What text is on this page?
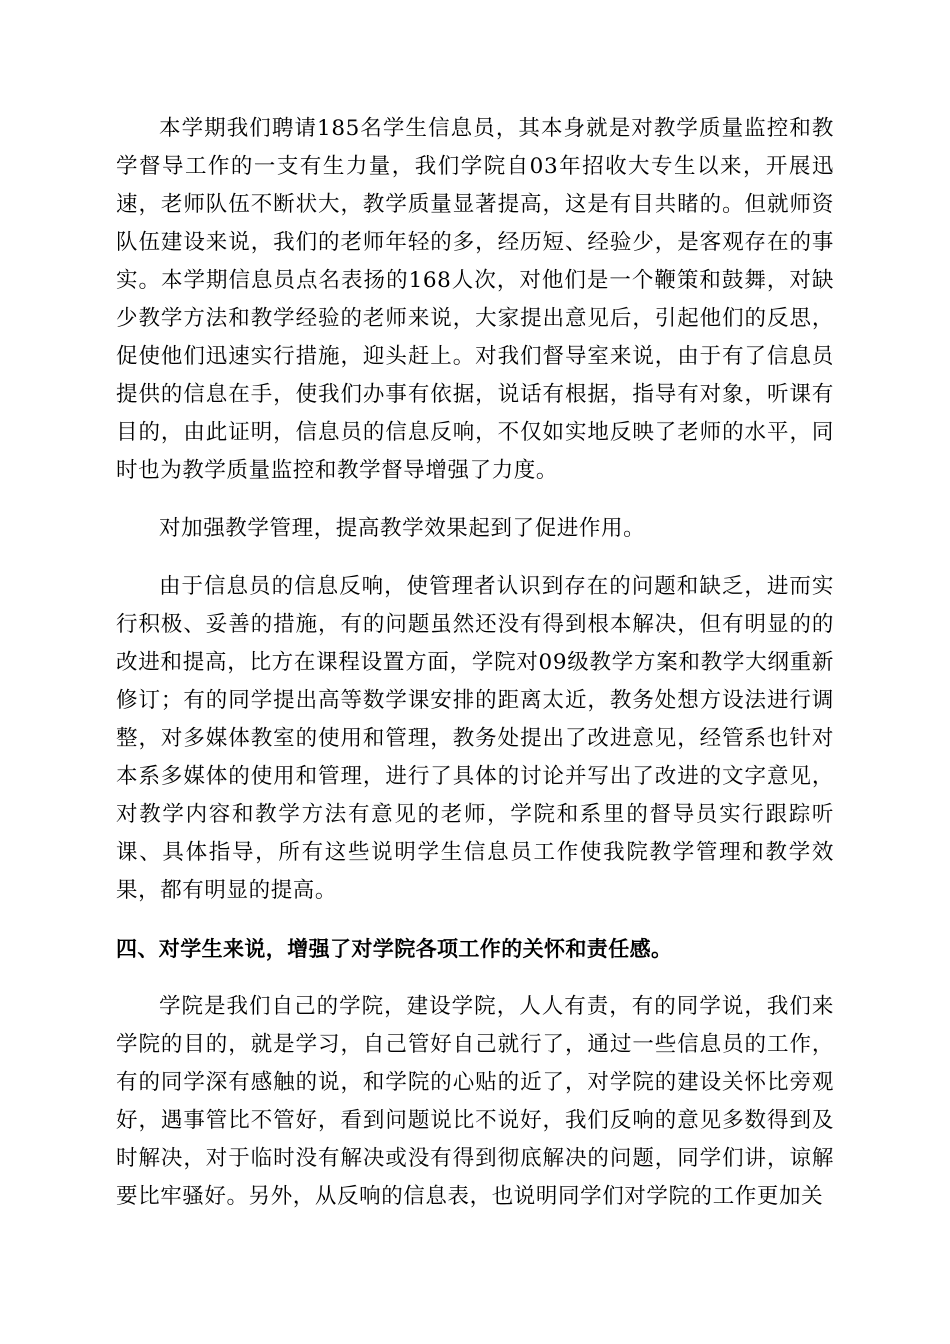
本学期我们聘请185名学生信息员，其本身就是对教学质量监控和教学督导工作的一支有生力量，我们学院自03年招收大专生以来，开展迅速，老师队伍不断状大，教学质量显著提高，这是有目共睹的。但就师资队伍建设来说，我们的老师年轻的多，经历短、经验少，是客观存在的事实。本学期信息员点名表扬的168人次，对他们是一个鞭策和鼓舞，对缺少教学方法和教学经验的老师来说，大家提出意见后，引起他们的反思，促使他们迅速实行措施，迎头赶上。对我们督导室来说，由于有了信息员提供的信息在手，使我们办事有依据，说话有根据，指导有对象，听课有目的，由此证明，信息员的信息反响，不仅如实地反映了老师的水平，同时也为教学质量监控和教学督导增强了力度。

对加强教学管理，提高教学效果起到了促进作用。

由于信息员的信息反响，使管理者认识到存在的问题和缺乏，进而实行积极、妥善的措施，有的问题虽然还没有得到根本解决，但有明显的的改进和提高，比方在课程设置方面，学院对09级教学方案和教学大纲重新修订；有的同学提出高等数学课安排的距离太近，教务处想方设法进行调整，对多媒体教室的使用和管理，教务处提出了改进意见，经管系也针对本系多媒体的使用和管理，进行了具体的讨论并写出了改进的文字意见，对教学内容和教学方法有意见的老师，学院和系里的督导员实行跟踪听课、具体指导，所有这些说明学生信息员工作使我院教学管理和教学效果，都有明显的提高。

四、对学生来说，增强了对学院各项工作的关怀和责任感。

学院是我们自己的学院，建设学院，人人有责，有的同学说，我们来学院的目的，就是学习，自己管好自己就行了，通过一些信息员的工作，有的同学深有感触的说，和学院的心贴的近了，对学院的建设关怀比旁观好，遇事管比不管好，看到问题说比不说好，我们反响的意见多数得到及时解决，对于临时没有解决或没有得到彻底解决的问题，同学们讲，谅解要比牢骚好。另外，从反响的信息表，也说明同学们对学院的工作更加关
